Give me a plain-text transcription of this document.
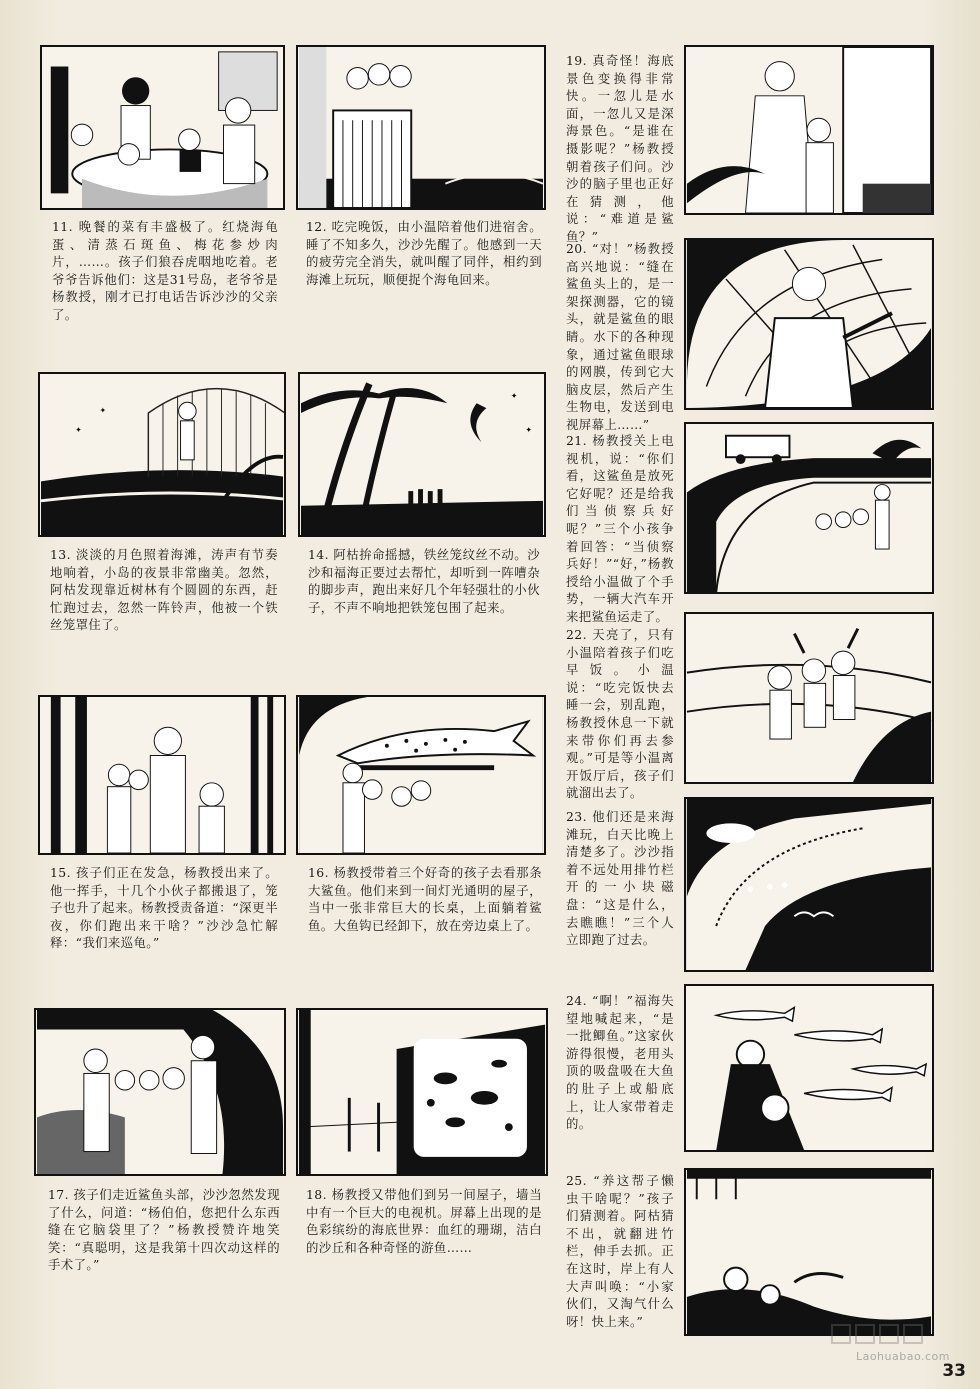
11. 晚餐的菜有丰盛极了。红烧海龟蛋、清蒸石斑鱼、梅花参炒肉片，……。孩子们狼吞虎咽地吃着。老爷爷告诉他们：这是31号岛，老爷爷是杨教授，刚才已打电话告诉沙沙的父亲了。
✦
✦
13. 淡淡的月色照着海滩，涛声有节奏地响着，小岛的夜景非常幽美。忽然，阿枯发现靠近树林有个圆圆的东西，赶忙跑过去，忽然一阵铃声，他被一个铁丝笼罩住了。
15. 孩子们正在发急，杨教授出来了。他一挥手，十几个小伙子都搬退了，笼子也升了起来。杨教授责备道：“深更半夜，你们跑出来干啥？”沙沙急忙解释：“我们来巡龟。”
17. 孩子们走近鲨鱼头部，沙沙忽然发现了什么，问道：“杨伯伯，您把什么东西缝在它脑袋里了？”杨教授赞许地笑笑：“真聪明，这是我第十四次动这样的手术了。”
12. 吃完晚饭，由小温陪着他们进宿舍。睡了不知多久，沙沙先醒了。他感到一天的疲劳完全消失，就叫醒了同伴，相约到海滩上玩玩，顺便捉个海龟回来。
✦
✦
14. 阿枯拚命摇撼，铁丝笼纹丝不动。沙沙和福海正要过去帮忙，却听到一阵嘈杂的脚步声，跑出来好几个年轻强壮的小伙子，不声不响地把铁笼包围了起来。
16. 杨教授带着三个好奇的孩子去看那条大鲨鱼。他们来到一间灯光通明的屋子，当中一张非常巨大的长桌，上面躺着鲨鱼。大鱼钩已经卸下，放在旁边桌上了。
18. 杨教授又带他们到另一间屋子，墙当中有一个巨大的电视机。屏幕上出现的是色彩缤纷的海底世界：血红的珊瑚，洁白的沙丘和各种奇怪的游鱼……
19. 真奇怪！海底景色变换得非常快。一忽儿是水面，一忽儿又是深海景色。“是谁在摄影呢？”杨教授朝着孩子们问。沙沙的脑子里也正好在猜测，他说：“难道是鲨鱼？”
20. “对！”杨教授高兴地说：“缝在鲨鱼头上的，是一架探测器，它的镜头，就是鲨鱼的眼睛。水下的各种现象，通过鲨鱼眼球的网膜，传到它大脑皮层，然后产生生物电，发送到电视屏幕上……”
21. 杨教授关上电视机，说：“你们看，这鲨鱼是放死它好呢？还是给我们当侦察兵好呢？”三个小孩争着回答：“当侦察兵好！”“好，”杨教授给小温做了个手势，一辆大汽车开来把鲨鱼运走了。
22. 天亮了，只有小温陪着孩子们吃早饭。小温说：“吃完饭快去睡一会，别乱跑，杨教授休息一下就来带你们再去参观。”可是等小温离开饭厅后，孩子们就溜出去了。
23. 他们还是来海滩玩，白天比晚上清楚多了。沙沙指着不远处用排竹栏开的一小块磁盘：“这是什么，去瞧瞧！”三个人立即跑了过去。
24. “啊！”福海失望地喊起来，“是一批鲫鱼。”这家伙游得很慢，老用头顶的吸盘吸在大鱼的肚子上或船底上，让人家带着走的。
25. “养这帮子懒虫干啥呢？”孩子们猜测着。阿枯猜不出，就翻进竹栏，伸手去抓。正在这时，岸上有人大声叫唤：“小家伙们，又淘气什么呀！快上来。”
Laohuabao.com
33
